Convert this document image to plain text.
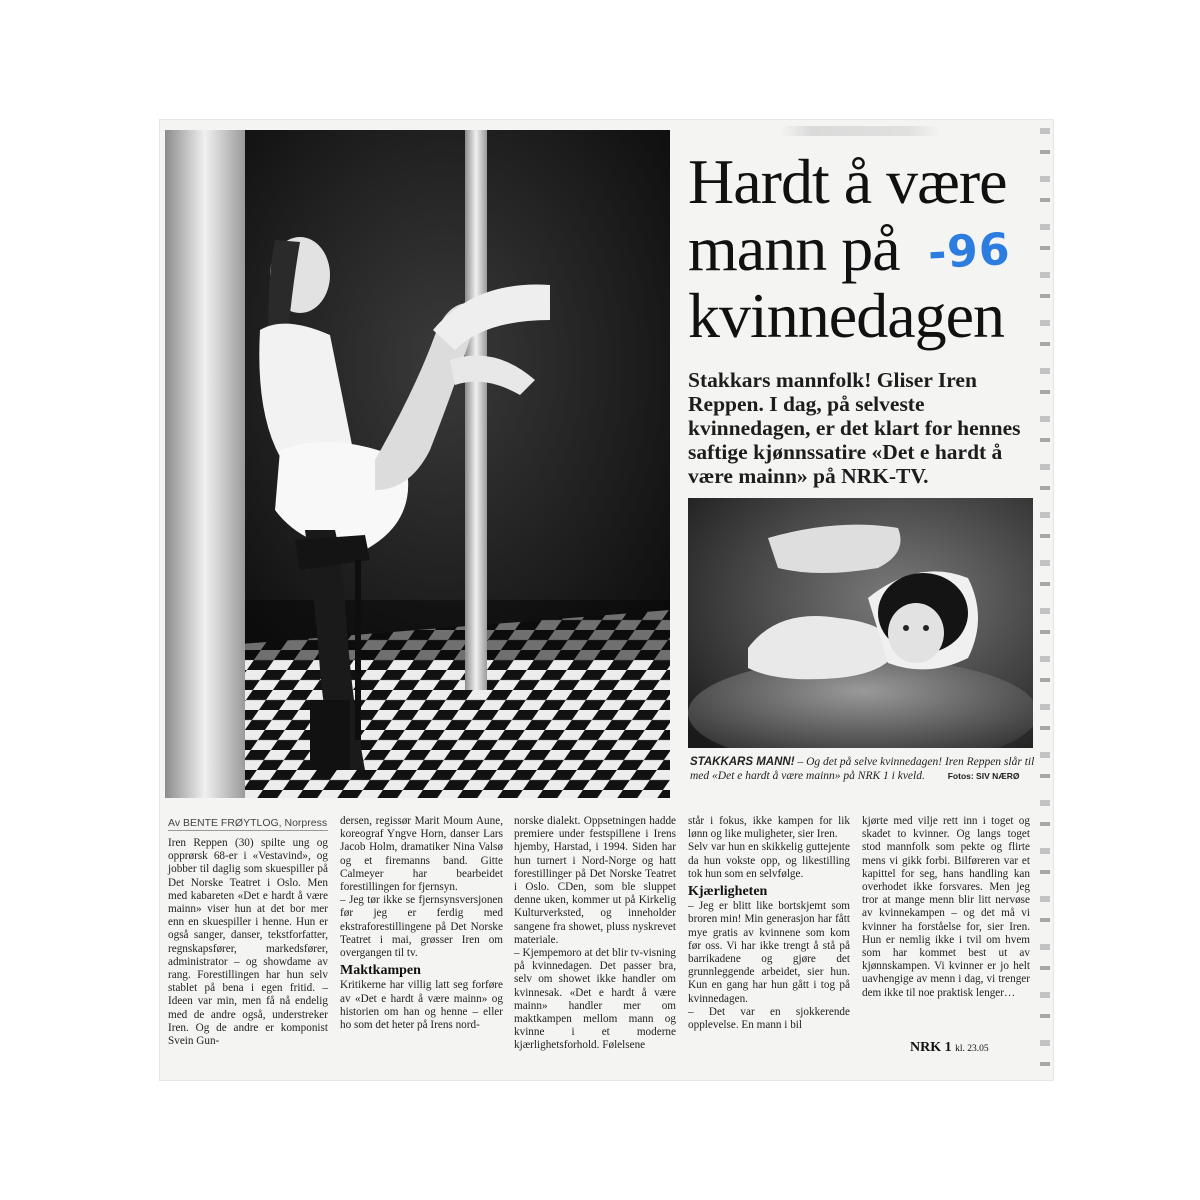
Hardt å være mann på kvinnedagen
-96

Stakkars mannfolk! Gliser Iren Reppen. I dag, på selveste kvinnedagen, er det klart for hennes saftige kjønnssatire «Det e hardt å være mainn» på NRK-TV.

STAKKARS MANN! – Og det på selve kvinnedagen! Iren Reppen slår til med «Det e hardt å være mainn» på NRK 1 i kveld.	Fotos: SIV NÆRØ
Av BENTE FRØYTLOG, Norpress

Iren Reppen (30) spilte ung og opprørsk 68-er i «Vestavind», og jobber til daglig som skuespiller på Det Norske Teatret i Oslo. Men med kabareten «Det e hardt å være mainn» viser hun at det bor mer enn en skuespiller i henne. Hun er også sanger, danser, tekstforfatter, regnskapsfører, markedsfører, administrator – og showdame av rang. Forestillingen har hun selv stablet på bena i egen fritid. – Ideen var min, men få nå endelig med de andre også, understreker Iren. Og de andre er komponist Svein Gun-

dersen, regissør Marit Moum Aune, koreograf Yngve Horn, danser Lars Jacob Holm, dramatiker Nina Valsø og et firemanns band. Gitte Calmeyer har bearbeidet forestillingen for fjernsyn.

– Jeg tør ikke se fjernsynsversjonen før jeg er ferdig med ekstraforestillingene på Det Norske Teatret i mai, grøsser Iren om overgangen til tv.

Maktkampen

Kritikerne har villig latt seg forføre av «Det e hardt å være mainn» og historien om han og henne – eller ho som det heter på Irens nord-

norske dialekt. Oppsetningen hadde premiere under festspillene i Irens hjemby, Harstad, i 1994. Siden har hun turnert i Nord-Norge og hatt forestillinger på Det Norske Teatret i Oslo. CDen, som ble sluppet denne uken, kommer ut på Kirkelig Kulturverksted, og inneholder sangene fra showet, pluss nyskrevet materiale.

– Kjempemoro at det blir tv-visning på kvinnedagen. Det passer bra, selv om showet ikke handler om kvinnesak. «Det e hardt å være mainn» handler mer om maktkampen mellom mann og kvinne i et moderne kjærlighetsforhold. Følelsene

står i fokus, ikke kampen for lik lønn og like muligheter, sier Iren.

Selv var hun en skikkelig guttejente da hun vokste opp, og likestilling tok hun som en selvfølge.

Kjærligheten

– Jeg er blitt like bortskjemt som broren min! Min generasjon har fått mye gratis av kvinnene som kom før oss. Vi har ikke trengt å stå på barrikadene og gjøre det grunnleggende arbeidet, sier hun. Kun en gang har hun gått i tog på kvinnedagen.

– Det var en sjokkerende opplevelse. En mann i bil

kjørte med vilje rett inn i toget og skadet to kvinner. Og langs toget stod mannfolk som pekte og flirte mens vi gikk forbi. Bilføreren var et kapittel for seg, hans handling kan overhodet ikke forsvares. Men jeg tror at mange menn blir litt nervøse av kvinnekampen – og det må vi kvinner ha forståelse for, sier Iren. Hun er nemlig ikke i tvil om hvem som har kommet best ut av kjønnskampen. Vi kvinner er jo helt uavhengige av menn i dag, vi trenger dem ikke til noe praktisk lenger…

NRK 1 kl. 23.05
